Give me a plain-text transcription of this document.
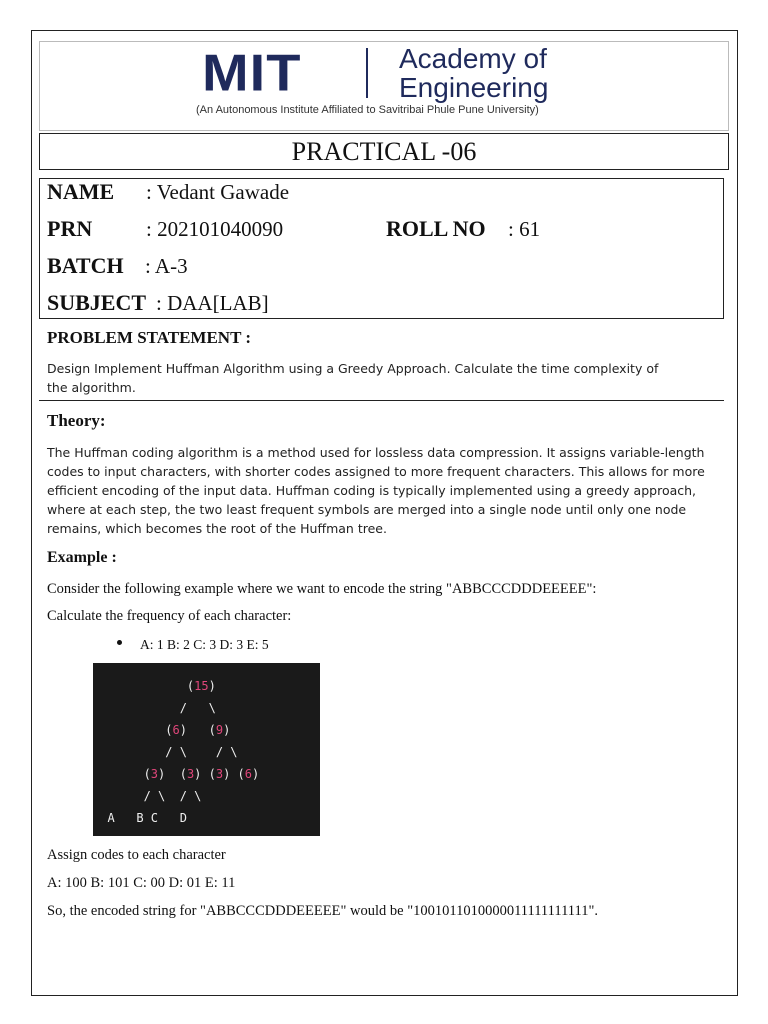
MIT	Academy of
Engineering
(An Autonomous Institute Affiliated to Savitribai Phule Pune University)
PRACTICAL -06
NAME : Vedant Gawade
PRN	: 202101040090	ROLL NO : 61
BATCH : A-3
SUBJECT : DAA[LAB]
PROBLEM STATEMENT :
Design Implement Huffman Algorithm using a Greedy Approach. Calculate the time complexity of
the algorithm.
Theory:
The Huffman coding algorithm is a method used for lossless data compression. It assigns variable-length
codes to input characters, with shorter codes assigned to more frequent characters. This allows for more
efficient encoding of the input data. Huffman coding is typically implemented using a greedy approach,
where at each step, the two least frequent symbols are merged into a single node until only one node
remains, which becomes the root of the Huffman tree.
Example :
Consider the following example where we want to encode the string "ABBCCCDDDEEEEE":
Calculate the frequency of each character:
A: 1 B: 2 C: 3 D: 3 E: 5
(15)
/   \
(6)   (9)
/ \    / \
(3)  (3) (3) (6)
/ \  / \
A   B C   D
Assign codes to each character
A: 100 B: 101 C: 00 D: 01 E: 11
So, the encoded string for "ABBCCCDDDEEEEE" would be "1001011010000011111111111".
